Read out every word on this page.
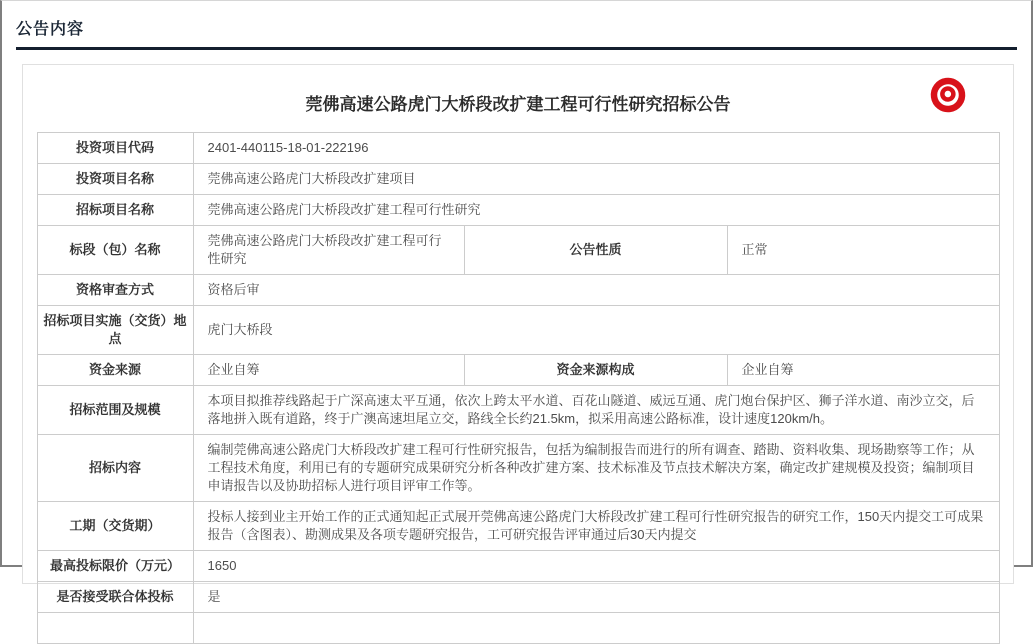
公告内容
莞佛高速公路虎门大桥段改扩建工程可行性研究招标公告
投资项目代码	2401-440115-18-01-222196		
投资项目名称	莞佛高速公路虎门大桥段改扩建项目		
招标项目名称	莞佛高速公路虎门大桥段改扩建工程可行性研究		
标段（包）名称	莞佛高速公路虎门大桥段改扩建工程可行性研究	公告性质	正常
资格审查方式	资格后审		
招标项目实施（交货）地点	虎门大桥段		
资金来源	企业自筹	资金来源构成	企业自筹
招标范围及规模	本项目拟推荐线路起于广深高速太平互通，依次上跨太平水道、百花山隧道、威远互通、虎门炮台保护区、狮子洋水道、南沙立交，后落地拼入既有道路，终于广澳高速坦尾立交，路线全长约21.5km，拟采用高速公路标准，设计速度120km/h。		
招标内容	编制莞佛高速公路虎门大桥段改扩建工程可行性研究报告，包括为编制报告而进行的所有调查、踏勘、资料收集、现场勘察等工作；从工程技术角度，利用已有的专题研究成果研究分析各种改扩建方案、技术标准及节点技术解决方案，确定改扩建规模及投资；编制项目申请报告以及协助招标人进行项目评审工作等。		
工期（交货期）	投标人接到业主开始工作的正式通知起正式展开莞佛高速公路虎门大桥段改扩建工程可行性研究报告的研究工作，150天内提交工可成果报告（含图表）、勘测成果及各项专题研究报告，工可研究报告评审通过后30天内提交		
最高投标限价（万元）	1650		
是否接受联合体投标	是		
